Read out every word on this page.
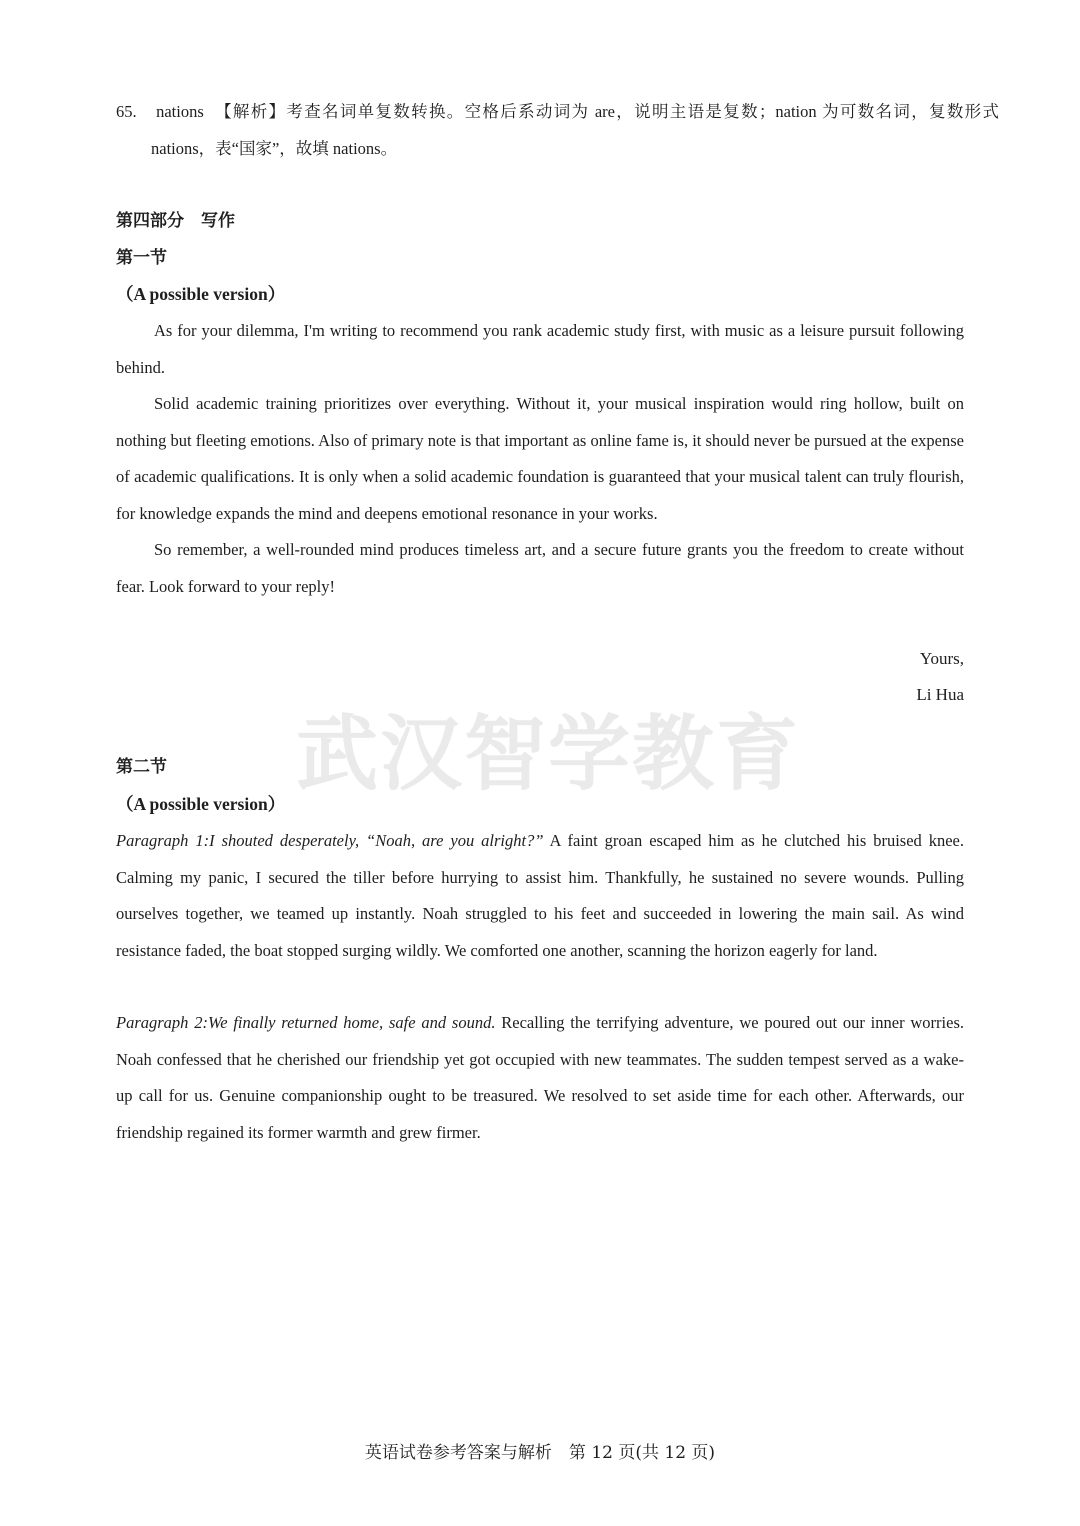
武汉智学教育
65. nations 【解析】考查名词单复数转换。空格后系动词为 are，说明主语是复数；nation 为可数名词，复数形式 nations，表“国家”，故填 nations。
第四部分　写作
第一节
（A possible version）
As for your dilemma, I'm writing to recommend you rank academic study first, with music as a leisure pursuit following behind.
Solid academic training prioritizes over everything. Without it, your musical inspiration would ring hollow, built on nothing but fleeting emotions. Also of primary note is that important as online fame is, it should never be pursued at the expense of academic qualifications. It is only when a solid academic foundation is guaranteed that your musical talent can truly flourish, for knowledge expands the mind and deepens emotional resonance in your works.
So remember, a well-rounded mind produces timeless art, and a secure future grants you the freedom to create without fear. Look forward to your reply!
Yours,
Li Hua
第二节
（A possible version）
Paragraph 1:I shouted desperately, “Noah, are you alright?” A faint groan escaped him as he clutched his bruised knee. Calming my panic, I secured the tiller before hurrying to assist him. Thankfully, he sustained no severe wounds. Pulling ourselves together, we teamed up instantly. Noah struggled to his feet and succeeded in lowering the main sail. As wind resistance faded, the boat stopped surging wildly. We comforted one another, scanning the horizon eagerly for land.
Paragraph 2:We finally returned home, safe and sound. Recalling the terrifying adventure, we poured out our inner worries. Noah confessed that he cherished our friendship yet got occupied with new teammates. The sudden tempest served as a wake-up call for us. Genuine companionship ought to be treasured. We resolved to set aside time for each other. Afterwards, our friendship regained its former warmth and grew firmer.
英语试卷参考答案与解析　第 12 页(共 12 页)
